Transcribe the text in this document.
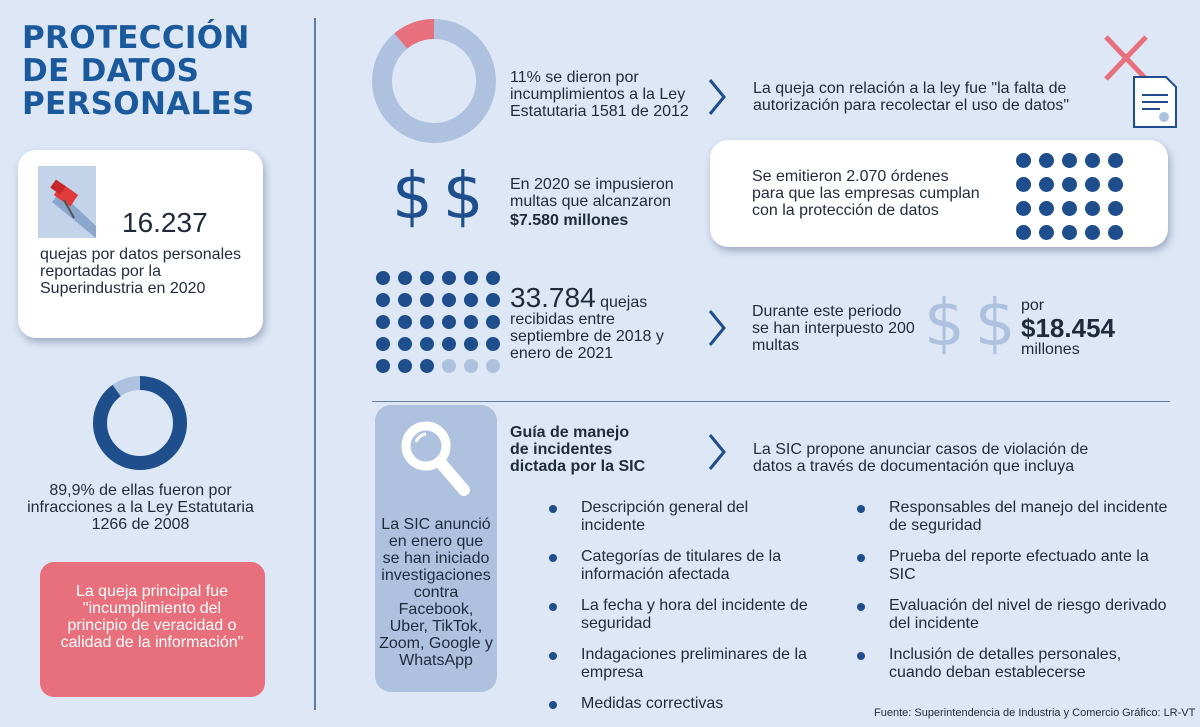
PROTECCIÓN DE DATOS PERSONALES
16.237
quejas por datos personales reportadas por la Superindustria en 2020
89,9% de ellas fueron por infracciones a la Ley Estatutaria 1266 de 2008
La queja principal fue "incumplimiento del principio de veracidad o calidad de la información"
11% se dieron por incumplimientos a la Ley Estatutaria 1581 de 2012
La queja con relación a la ley fue "la falta de autorización para recolectar el uso de datos"
$$ En 2020 se impusieron multas que alcanzaron
$7.580 millones
Se emitieron 2.070 órdenes para que las empresas cumplan con la protección de datos
33.784 quejas
recibidas entre septiembre de 2018 y enero de 2021
Durante este periodo se han interpuesto 200 multas	$$
por
$18.454
millones
La SIC anunció en enero que se han iniciado investigaciones contra Facebook, Uber, TikTok, Zoom, Google y WhatsApp
Guía de manejo de incidentes dictada por la SIC
La SIC propone anunciar casos de violación de datos a través de documentación que incluya
Descripción general del incidente
Categorías de titulares de la información afectada
La fecha y hora del incidente de seguridad
Indagaciones preliminares de la empresa
Medidas correctivas
Responsables del manejo del incidente de seguridad
Prueba del reporte efectuado ante la SIC
Evaluación del nivel de riesgo derivado del incidente
Inclusión de detalles personales, cuando deban establecerse
Fuente: Superintendencia de Industria y Comercio Gráfico: LR-VT
